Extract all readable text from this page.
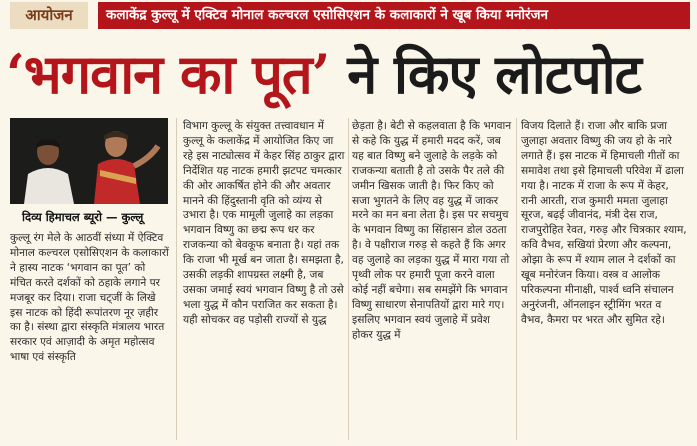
आयोजन	कलाकेंद्र कुल्लू में एक्टिव मोनाल कल्चरल एसोसिएशन के कलाकारों ने खूब किया मनोरंजन
‘भगवान का पूत’ ने किए लोटपोट
दिव्य हिमाचल ब्यूरो — कुल्लू

कुल्लू रंग मेले के आठवीं संध्या में ऐक्टिव मोनाल कल्चरल एसोसिएशन के कलाकारों ने हास्य नाटक ‘भगवान का पूत’ को मंचित करते दर्शकों को ठहाके लगाने पर मजबूर कर दिया। राजा चट्जीं के लिखे इस नाटक को हिंदी रूपांतरण नूर ज़हीर का है। संस्था द्वारा संस्कृति मंत्रालय भारत सरकार एवं आज़ादी के अमृत महोत्सव भाषा एवं संस्कृति

विभाग कुल्लू के संयुक्त तत्त्वावधान में कुल्लू के कलाकेंद्र में आयोजित किए जा रहे इस नाट्योत्सव में केहर सिंह ठाकुर द्वारा निर्देशित यह नाटक हमारी झटपट चमत्कार की ओर आकर्षित होने की और अवतार मानने की हिंदुस्तानी वृति को व्यंग्य से उभारा है। एक मामूली जुलाहे का लड़का भगवान विष्णु का छद्म रूप धर कर राजकन्या को बेवकूफ बनाता है। यहां तक कि राजा भी मूर्ख बन जाता है। समझता है, उसकी लड़की शापग्रस्त लक्ष्मी है, जब उसका जमाई स्वयं भगवान विष्णु है तो उसे भला युद्ध में कौन पराजित कर सकता है। यही सोचकर वह पड़ोसी राज्यों से युद्ध

छेड़ता है। बेटी से कहलवाता है कि भगवान से कहे कि युद्ध में हमारी मदद करें, जब यह बात विष्णु बने जुलाहे के लड़के को राजकन्या बताती है तो उसके पैर तले की जमीन खिसक जाती है। फिर किए को सजा भुगतने के लिए वह युद्ध में जाकर मरने का मन बना लेता है। इस पर सचमुच के भगवान विष्णु का सिंहासन डोल उठता है। वे पक्षीराज गरुड़ से कहते हैं कि अगर वह जुलाहे का लड़का युद्ध में मारा गया तो पृथ्वी लोक पर हमारी पूजा करने वाला कोई नहीं बचेगा। सब समझेंगे कि भगवान विष्णु साधारण सेनापतियों द्वारा मारे गए। इसलिए भगवान स्वयं जुलाहे में प्रवेश होकर युद्ध में

विजय दिलाते हैं। राजा और बाकि प्रजा जुलाहा अवतार विष्णु की जय हो के नारे लगाते हैं। इस नाटक में हिमाचली गीतों का समावेश तथा इसे हिमाचली परिवेश में ढाला गया है। नाटक में राजा के रूप में केहर, रानी आरती, राज कुमारी ममता जुलाहा सूरज, बढ़ई जीवानंद, मंत्री देस राज, राजपुरोहित रेवत, गरुड़ और चित्रकार श्याम, कवि वैभव, सखियां प्रेरणा और कल्पना, ओझा के रूप में श्याम लाल ने दर्शकों का खूब मनोरंजन किया। वस्त्र व आलोक परिकल्पना मीनाक्षी, पार्श्व ध्वनि संचालन अनुरंजनी, ऑनलाइन स्ट्रीमिंग भरत व वैभव, कैमरा पर भरत और सुमित रहे।
